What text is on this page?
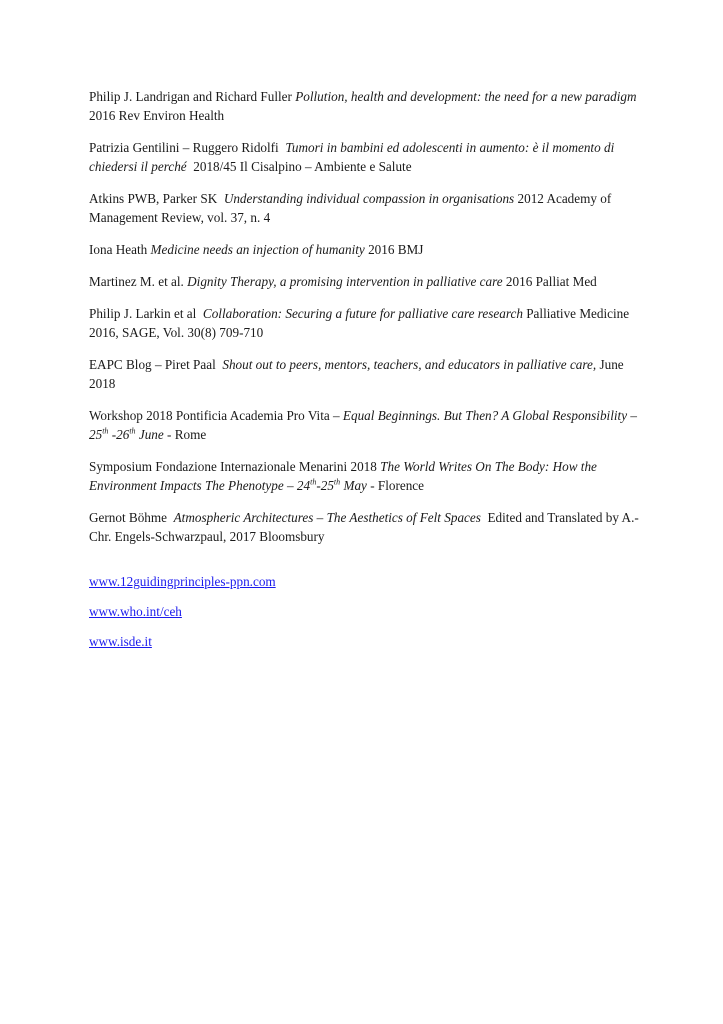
Philip J. Landrigan and Richard Fuller Pollution, health and development: the need for a new paradigm 2016 Rev Environ Health

Patrizia Gentilini – Ruggero Ridolfi Tumori in bambini ed adolescenti in aumento: è il momento di chiedersi il perché 2018/45 Il Cisalpino – Ambiente e Salute

Atkins PWB, Parker SK Understanding individual compassion in organisations 2012 Academy of Management Review, vol. 37, n. 4

Iona Heath Medicine needs an injection of humanity 2016 BMJ

Martinez M. et al. Dignity Therapy, a promising intervention in palliative care 2016 Palliat Med

Philip J. Larkin et al Collaboration: Securing a future for palliative care research Palliative Medicine 2016, SAGE, Vol. 30(8) 709-710

EAPC Blog – Piret Paal Shout out to peers, mentors, teachers, and educators in palliative care, June 2018

Workshop 2018 Pontificia Academia Pro Vita – Equal Beginnings. But Then? A Global Responsibility – 25th -26th June - Rome

Symposium Fondazione Internazionale Menarini 2018 The World Writes On The Body: How the Environment Impacts The Phenotype – 24th-25th May - Florence

Gernot Böhme Atmospheric Architectures – The Aesthetics of Felt Spaces Edited and Translated by A.-Chr. Engels-Schwarzpaul, 2017 Bloomsbury

www.12guidingprinciples-ppn.com
www.who.int/ceh
www.isde.it
